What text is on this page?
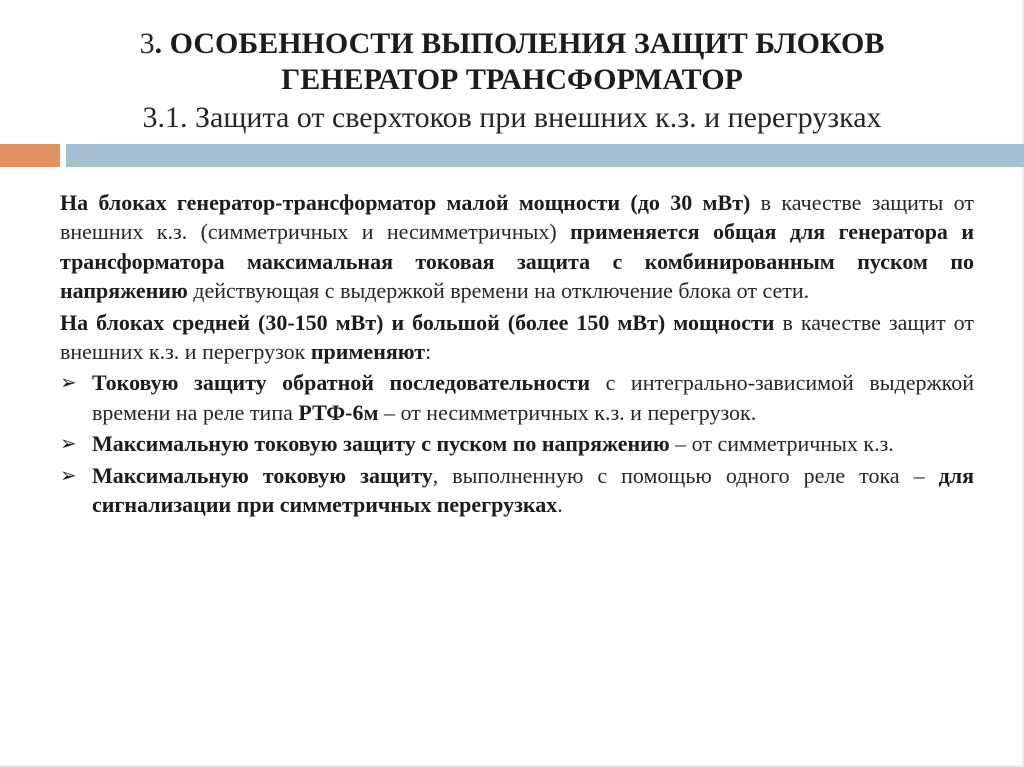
3. ОСОБЕННОСТИ ВЫПОЛЕНИЯ ЗАЩИТ БЛОКОВ

ГЕНЕРАТОР ТРАНСФОРМАТОР

3.1. Защита от сверхтоков при внешних к.з. и перегрузках

На блоках генератор-трансформатор малой мощности (до 30 мВт) в качестве защиты от внешних к.з. (симметричных и несимметричных) применяется общая для генератора и трансформатора максимальная токовая защита с комбинированным пуском по напряжению действующая с выдержкой времени на отключение блока от сети.

На блоках средней (30-150 мВт) и большой (более 150 мВт) мощности в качестве защит от внешних к.з. и перегрузок применяют:

➢ Токовую защиту обратной последовательности с интегрально-зависимой выдержкой времени на реле типа РТФ-6м – от несимметричных к.з. и перегрузок.
➢ Максимальную токовую защиту с пуском по напряжению – от симметричных к.з.
➢ Максимальную токовую защиту, выполненную с помощью одного реле тока – для сигнализации при симметричных перегрузках.
